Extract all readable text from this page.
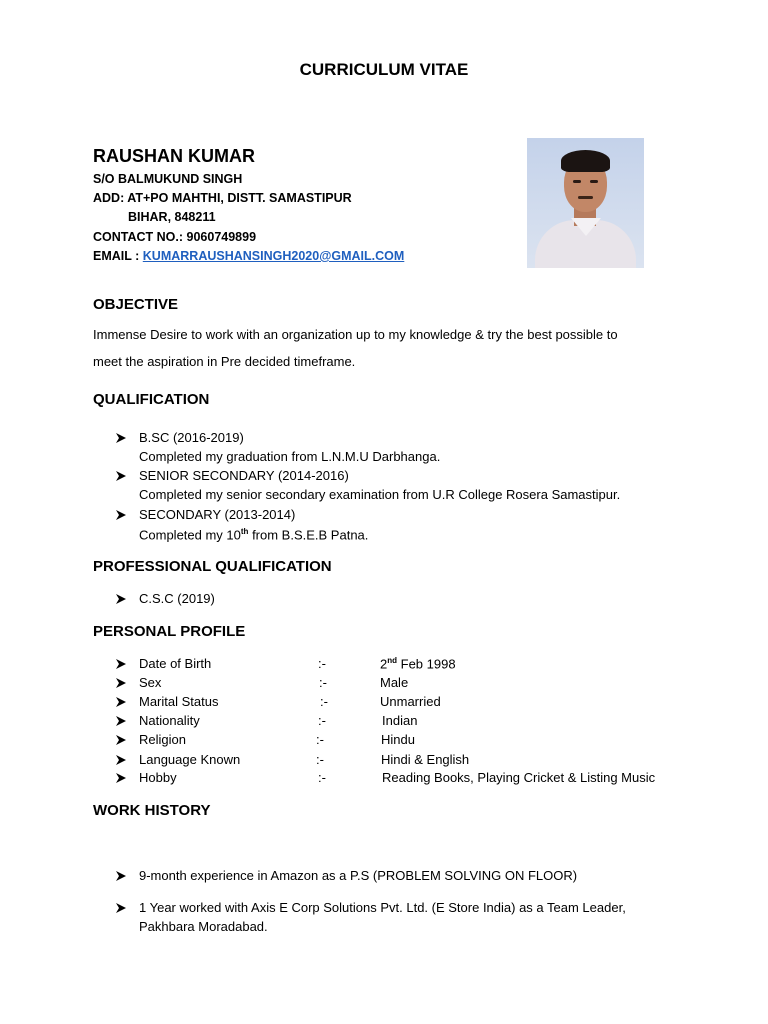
CURRICULUM VITAE
RAUSHAN KUMAR
S/O BALMUKUND SINGH
ADD: AT+PO MAHTHI, DISTT. SAMASTIPUR
BIHAR, 848211
CONTACT NO.: 9060749899
EMAIL : KUMARRAUSHANSINGH2020@GMAIL.COM
OBJECTIVE
Immense Desire to work with an organization up to my knowledge & try the best possible to
meet the aspiration in Pre decided timeframe.
QUALIFICATION
B.SC (2016-2019)
Completed my graduation from L.N.M.U Darbhanga.
SENIOR SECONDARY (2014-2016)
Completed my senior secondary examination from U.R College Rosera Samastipur.
SECONDARY (2013-2014)
Completed my 10th from B.S.E.B Patna.
PROFESSIONAL QUALIFICATION
C.S.C (2019)
PERSONAL PROFILE
Date of Birth	:-	2nd Feb 1998
Sex	:-	Male
Marital Status	:-	Unmarried
Nationality	:-	Indian
Religion	:-	Hindu
Language Known	:-	Hindi & English
Hobby	:-	Reading Books, Playing Cricket & Listing Music
WORK HISTORY
9-month experience in Amazon as a P.S (PROBLEM SOLVING ON FLOOR)
1 Year worked with Axis E Corp Solutions Pvt. Ltd. (E Store India) as a Team Leader,
Pakhbara Moradabad.
